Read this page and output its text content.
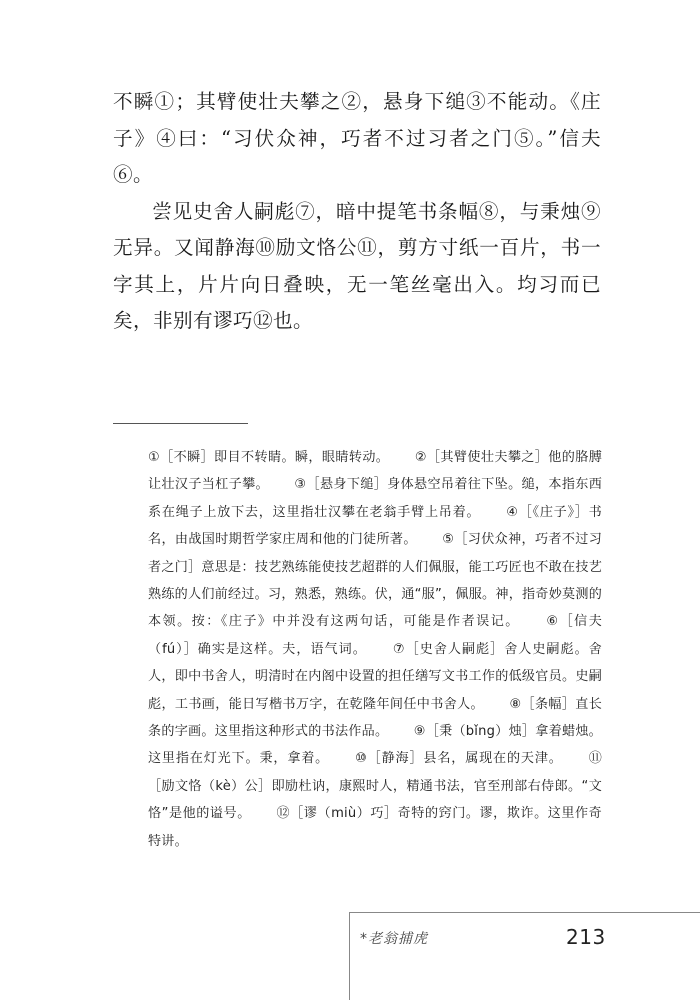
不瞬①；其臂使壮夫攀之②，悬身下缒③不能动。《庄子》④曰：“习伏众神，巧者不过习者之门⑤。”信夫⑥。

尝见史舍人嗣彪⑦，暗中提笔书条幅⑧，与秉烛⑨无异。又闻静海⑩励文恪公⑪，剪方寸纸一百片，书一字其上，片片向日叠映，无一笔丝毫出入。均习而已矣，非别有谬巧⑫也。

①［不瞬］即目不转睛。瞬，眼睛转动。 ②［其臂使壮夫攀之］他的胳膊让壮汉子当杠子攀。 ③［悬身下缒］身体悬空吊着往下坠。缒，本指东西系在绳子上放下去，这里指壮汉攀在老翁手臂上吊着。 ④［《庄子》］书名，由战国时期哲学家庄周和他的门徒所著。 ⑤［习伏众神，巧者不过习者之门］意思是：技艺熟练能使技艺超群的人们佩服，能工巧匠也不敢在技艺熟练的人们前经过。习，熟悉，熟练。伏，通“服”，佩服。神，指奇妙莫测的本领。按：《庄子》中并没有这两句话，可能是作者误记。 ⑥［信夫（fú）］确实是这样。夫，语气词。 ⑦［史舍人嗣彪］舍人史嗣彪。舍人，即中书舍人，明清时在内阁中设置的担任缮写文书工作的低级官员。史嗣彪，工书画，能日写楷书万字，在乾隆年间任中书舍人。 ⑧［条幅］直长条的字画。这里指这种形式的书法作品。 ⑨［秉（bǐng）烛］拿着蜡烛。这里指在灯光下。秉，拿着。 ⑩［静海］县名，属现在的天津。 ⑪［励文恪（kè）公］即励杜讷，康熙时人，精通书法，官至刑部右侍郎。“文恪”是他的谥号。 ⑫［谬（miù）巧］奇特的窍门。谬，欺诈。这里作奇特讲。
*老翁捕虎	213
